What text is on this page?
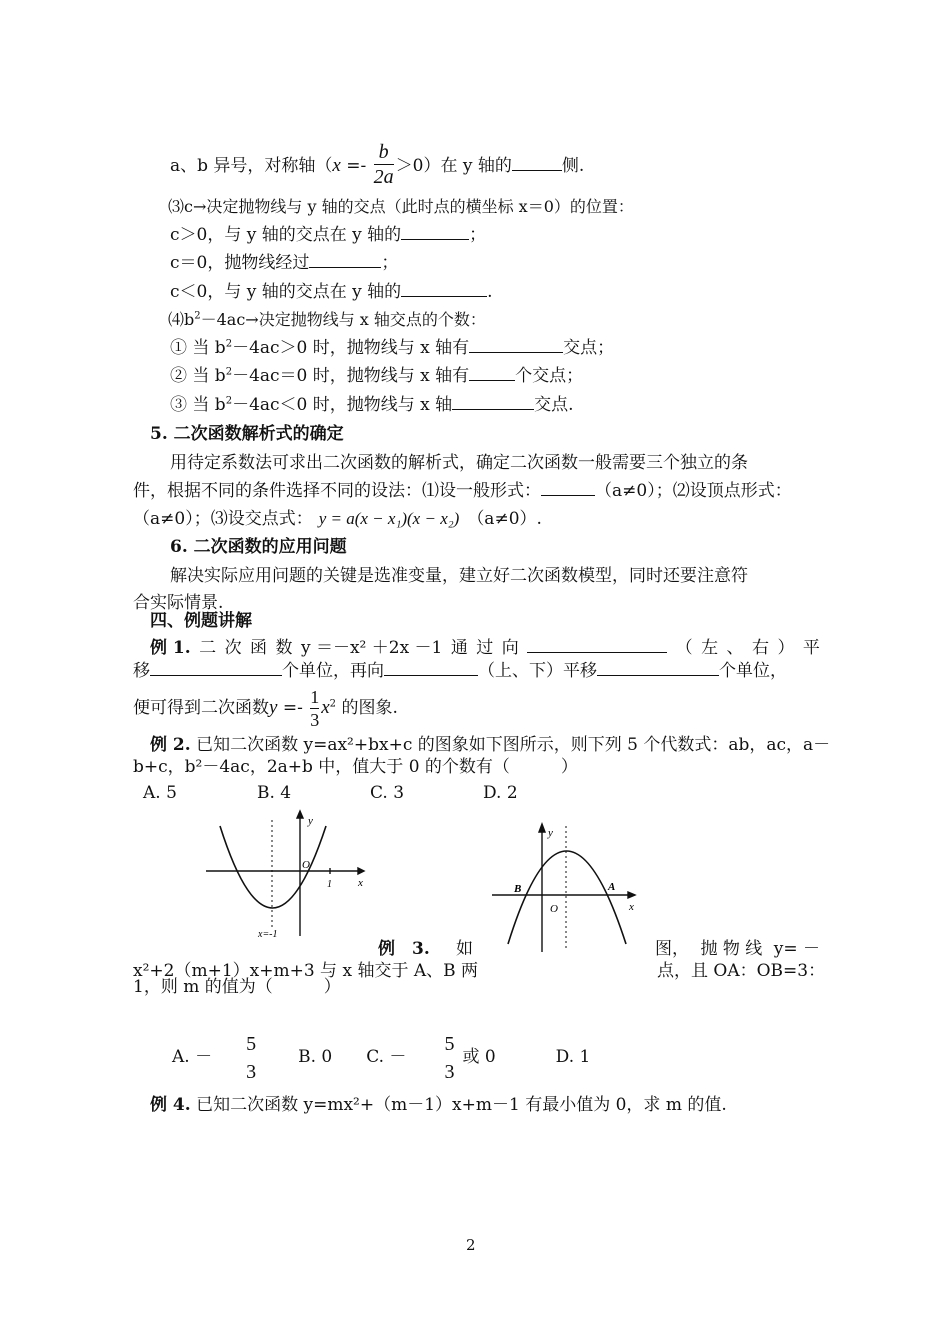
a、b 异号，对称轴$(x =- \frac{b}{2a} >0)$在 y 轴的	侧.
⑶c→决定抛物线与 y 轴的交点（此时点的横坐标 x＝0）的位置：
c＞0，与 y 轴的交点在 y 轴的	；
c＝0，抛物线经过	；
c＜0，与 y 轴的交点在 y 轴的	.
$⑷b^2-4ac\to$决定抛物线与 x 轴交点的个数：
① 当 $b^2-4ac>0$ 时，抛物线与 x 轴有	交点；
② 当 $b^2-4ac=0$ 时，抛物线与 x 轴有	个交点；
③ 当 $b^2-4ac<0$ 时，抛物线与 x 轴	交点.
5. 二次函数解析式的确定
用待定系数法可求出二次函数的解析式，确定二次函数一般需要三个独立的条
件，根据不同的条件选择不同的设法：⑴设一般形式：	（a≠0）；⑵设顶点形式：
（a≠0）；⑶设交点式： y = a(x − x₁)(x − x₂) （a≠0）.
6. 二次函数的应用问题
解决实际应用问题的关键是选准变量，建立好二次函数模型，同时还要注意符
合实际情景.
四、例题讲解
例 1. 二 次 函 数 y ＝－x² ＋2x －1 通 过 向	（ 左 、 右 ） 平
移	个单位，再向	（上、下）平移	个单位，
便可得到二次函数$y =- \frac{1}{3} x^2$ 的图象.
例 2. 已知二次函数 y=ax²+bx+c 的图象如下图所示，则下列 5 个代数式：ab，ac，a－
b+c，b²－4ac，2a+b 中，值大于 0 的个数有（　　　）
A. 5	B. 4	C. 3	D. 2
y
x
O
1
x=-1
y
x
O
A
B
例　3. 如	图， 抛 物 线 y= －
x²+2（m+1）x+m+3 与 x 轴交于 A、B 两	点，且 OA：OB=3：
1，则 m 的值为（　　　）
A. －
5
3
B. 0 C. －
5
3
或 0	D. 1
例 4. 已知二次函数 y=mx²+（m－1）x+m－1 有最小值为 0，求 m 的值.
2
